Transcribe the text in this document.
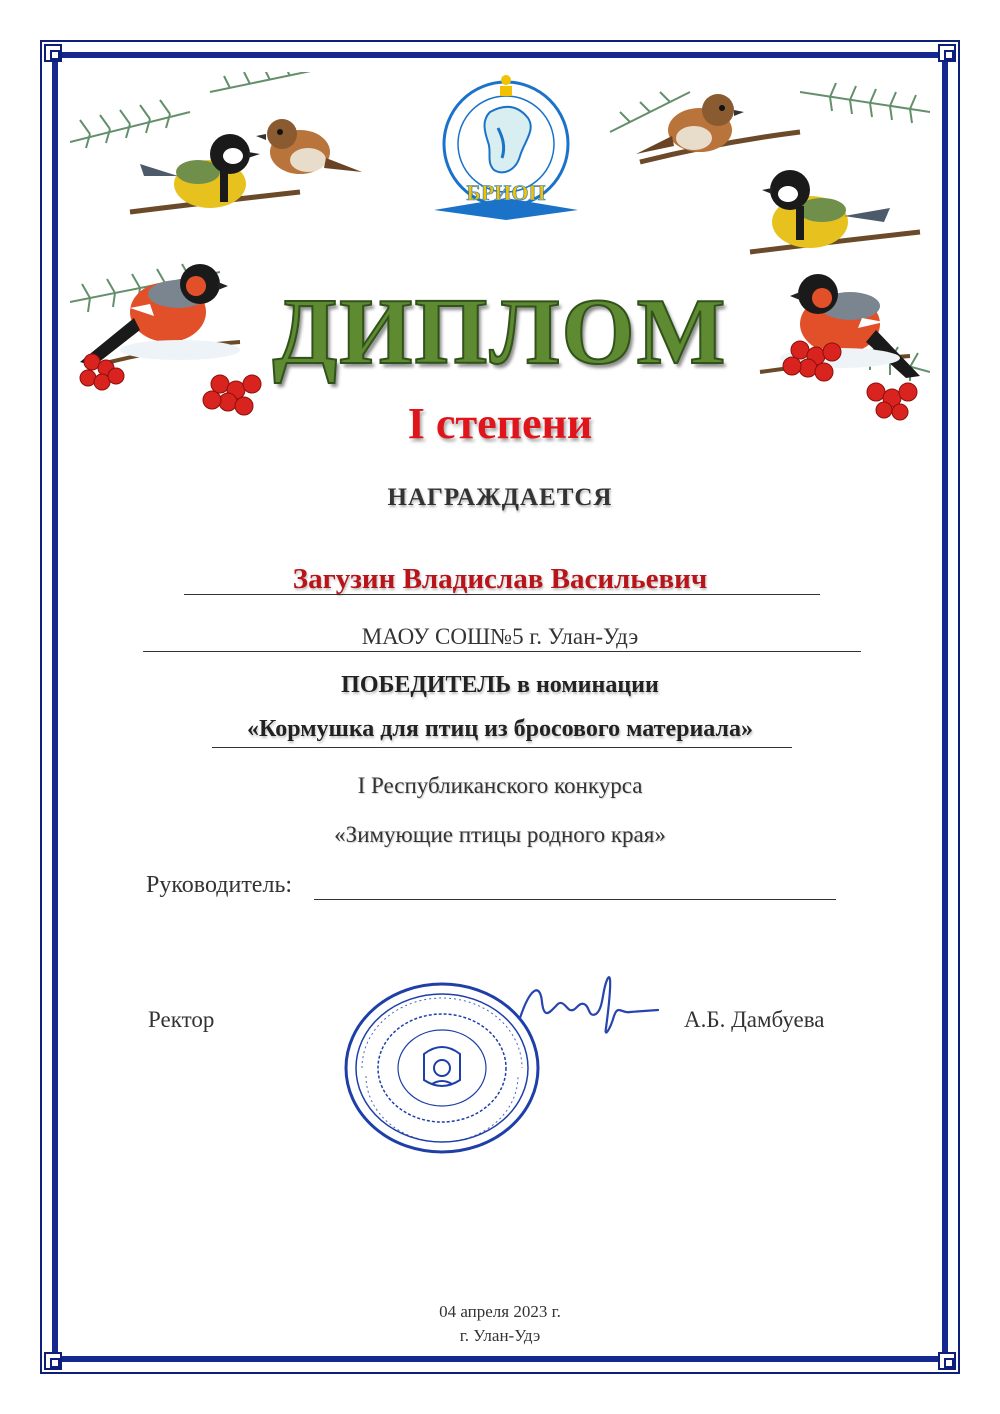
БРИОП
ДИПЛОМ
I степени
НАГРАЖДАЕТСЯ
Загузин Владислав Васильевич
МАОУ СОШ№5 г. Улан-Удэ
ПОБЕДИТЕЛЬ в номинации
«Кормушка для птиц из бросового материала»
I Республиканского конкурса
«Зимующие птицы родного края»
Руководитель:
Ректор	А.Б. Дамбуева
04 апреля 2023 г.
г. Улан-Удэ
